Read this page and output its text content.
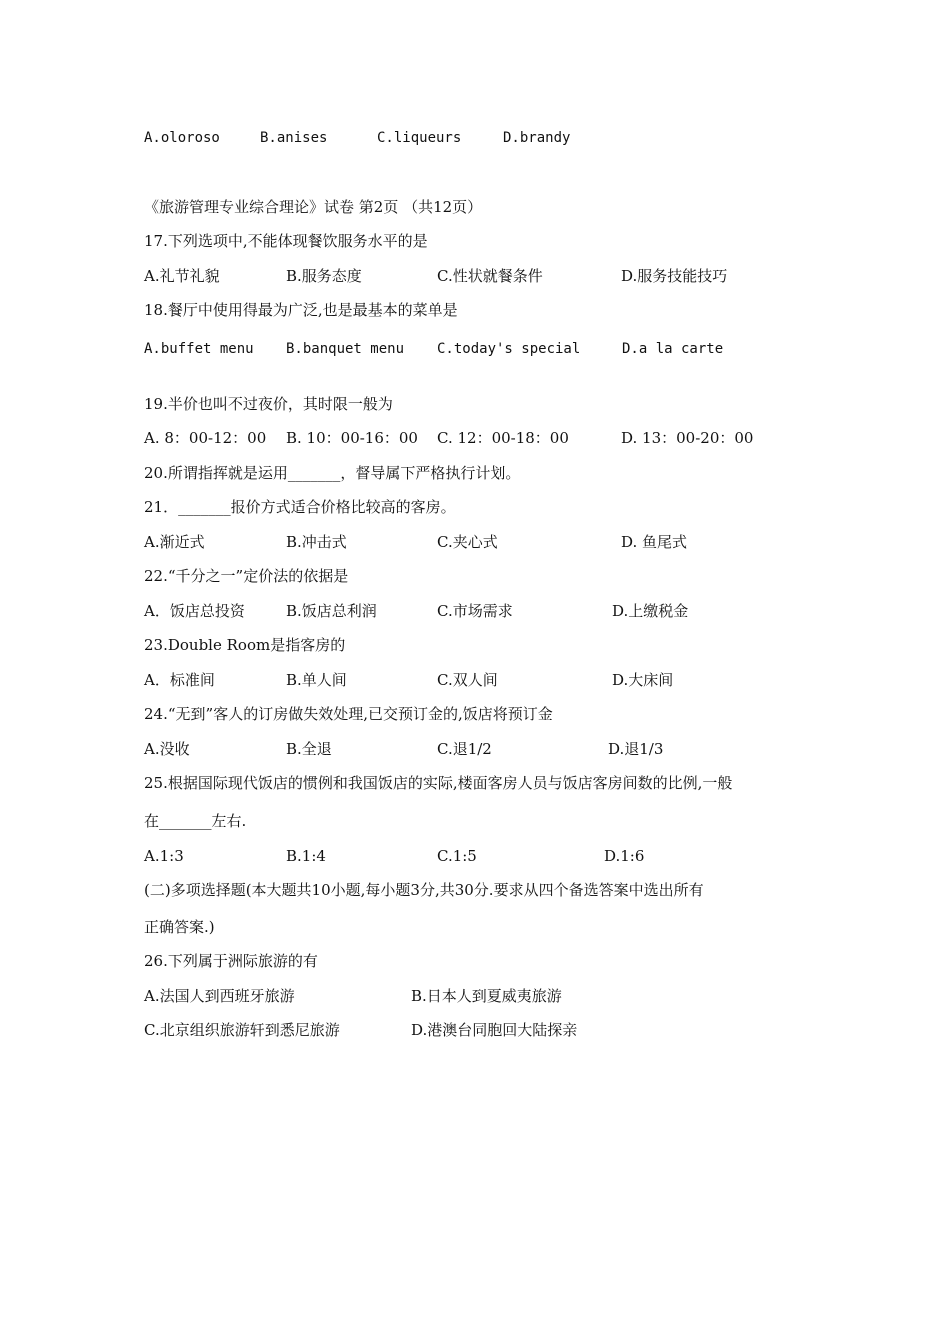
A.oloroso	B.anises	C.liqueurs	D.brandy
《旅游管理专业综合理论》试卷 第2页 （共12页）
17.下列选项中,不能体现餐饮服务水平的是
A.礼节礼貌	B.服务态度	C.性状就餐条件	D.服务技能技巧
18.餐厅中使用得最为广泛,也是最基本的菜单是
A.buffet menu B.banquet menu C.today's special	D.a la carte
19.半价也叫不过夜价，其时限一般为
A. 8：00-12：00 B. 10：00-16：00 C. 12：00-18：00	D. 13：00-20：00
20.所谓指挥就是运用_______，督导属下严格执行计划。
21．_______报价方式适合价格比较高的客房。
A.渐近式	B.冲击式	C.夹心式	D. 鱼尾式
22.“千分之一”定价法的依据是
A．饭店总投资	B.饭店总利润	C.市场需求	D.上缴税金
23.Double Room是指客房的
A．标准间	B.单人间	C.双人间	D.大床间
24.“无到”客人的订房做失效处理,已交预订金的,饭店将预订金
A.没收	B.全退	C.退1/2	D.退1/3
25.根据国际现代饭店的惯例和我国饭店的实际,楼面客房人员与饭店客房间数的比例,一般
在_______左右.
A.1:3	B.1:4	C.1:5	D.1:6
(二)多项选择题(本大题共10小题,每小题3分,共30分.要求从四个备选答案中选出所有
正确答案.)
26.下列属于洲际旅游的有
A.法国人到西班牙旅游	B.日本人到夏威夷旅游
C.北京组织旅游轩到悉尼旅游	D.港澳台同胞回大陆探亲
